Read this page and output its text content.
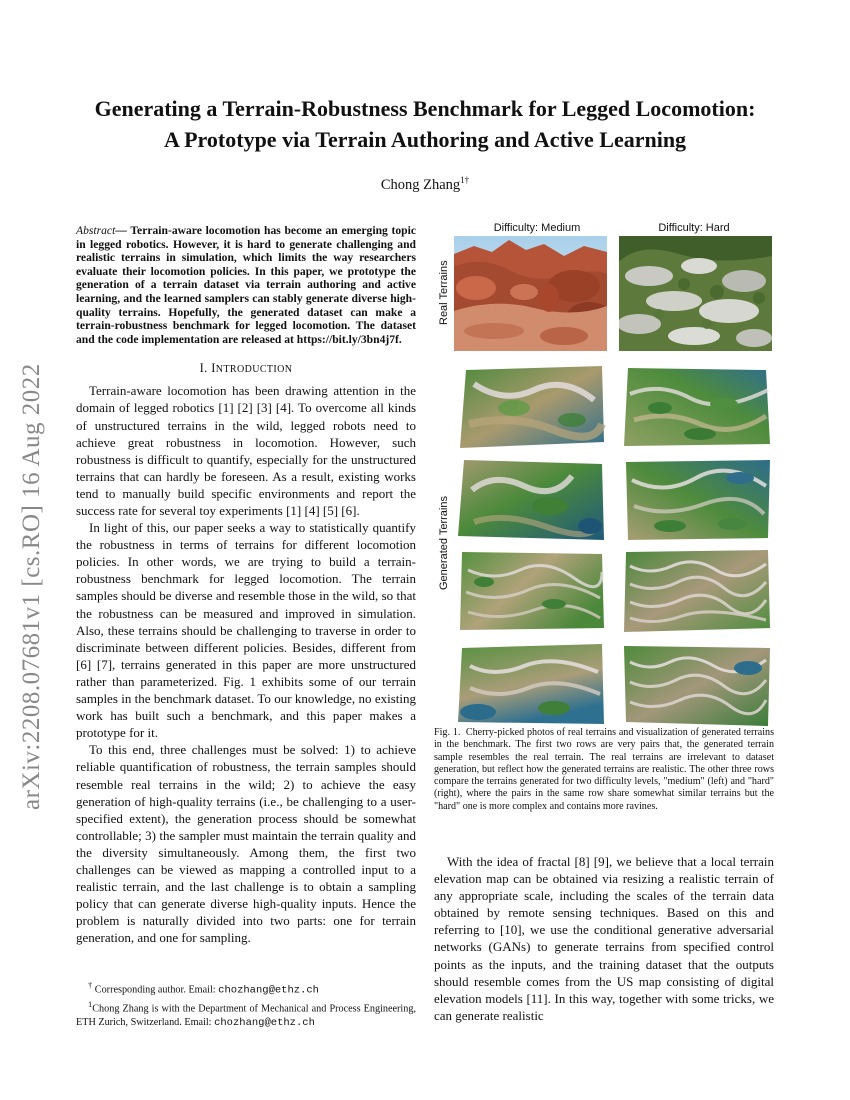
arXiv:2208.07681v1 [cs.RO] 16 Aug 2022
Generating a Terrain-Robustness Benchmark for Legged Locomotion:
A Prototype via Terrain Authoring and Active Learning
Chong Zhang$^{1\dagger}$
Abstract— Terrain-aware locomotion has become an emerging topic in legged robotics. However, it is hard to generate challenging and realistic terrains in simulation, which limits the way researchers evaluate their locomotion policies. In this paper, we prototype the generation of a terrain dataset via terrain authoring and active learning, and the learned samplers can stably generate diverse high-quality terrains. Hopefully, the generated dataset can make a terrain-robustness benchmark for legged locomotion. The dataset and the code implementation are released at https://bit.ly/3bn4j7f.
I. INTRODUCTION

Terrain-aware locomotion has been drawing attention in the domain of legged robotics [1] [2] [3] [4]. To overcome all kinds of unstructured terrains in the wild, legged robots need to achieve great robustness in locomotion. However, such robustness is difficult to quantify, especially for the unstructured terrains that can hardly be foreseen. As a result, existing works tend to manually build specific environments and report the success rate for several toy experiments [1] [4] [5] [6].

In light of this, our paper seeks a way to statistically quantify the robustness in terms of terrains for different locomotion policies. In other words, we are trying to build a terrain-robustness benchmark for legged locomotion. The terrain samples should be diverse and resemble those in the wild, so that the robustness can be measured and improved in simulation. Also, these terrains should be challenging to traverse in order to discriminate between different policies. Besides, different from [6] [7], terrains generated in this paper are more unstructured rather than parameterized. Fig. 1 exhibits some of our terrain samples in the benchmark dataset. To our knowledge, no existing work has built such a benchmark, and this paper makes a prototype for it.

To this end, three challenges must be solved: 1) to achieve reliable quantification of robustness, the terrain samples should resemble real terrains in the wild; 2) to achieve the easy generation of high-quality terrains (i.e., be challenging to a user-specified extent), the generation process should be somewhat controllable; 3) the sampler must maintain the terrain quality and the diversity simultaneously. Among them, the first two challenges can be viewed as mapping a controlled input to a realistic terrain, and the last challenge is to obtain a sampling policy that can generate diverse high-quality inputs. Hence the problem is naturally divided into two parts: one for terrain generation, and one for sampling.

† Corresponding author. Email: chozhang@ethz.ch
$^1$Chong Zhang is with the Department of Mechanical and Process Engineering, ETH Zurich, Switzerland. Email: chozhang@ethz.ch
Difficulty: Medium	Difficulty: Hard
Real Terrains
Generated Terrains
Fig. 1. Cherry-picked photos of real terrains and visualization of generated terrains in the benchmark. The first two rows are very pairs that, the generated terrain sample resembles the real terrain. The real terrains are irrelevant to dataset generation, but reflect how the generated terrains are realistic. The other three rows compare the terrains generated for two difficulty levels, "medium" (left) and "hard" (right), where the pairs in the same row share somewhat similar terrains but the "hard" one is more complex and contains more ravines.

With the idea of fractal [8] [9], we believe that a local terrain elevation map can be obtained via resizing a realistic terrain of any appropriate scale, including the scales of the terrain data obtained by remote sensing techniques. Based on this and referring to [10], we use the conditional generative adversarial networks (GANs) to generate terrains from specified control points as the inputs, and the training dataset that the outputs should resemble comes from the US map consisting of digital elevation models [11]. In this way, together with some tricks, we can generate realistic
